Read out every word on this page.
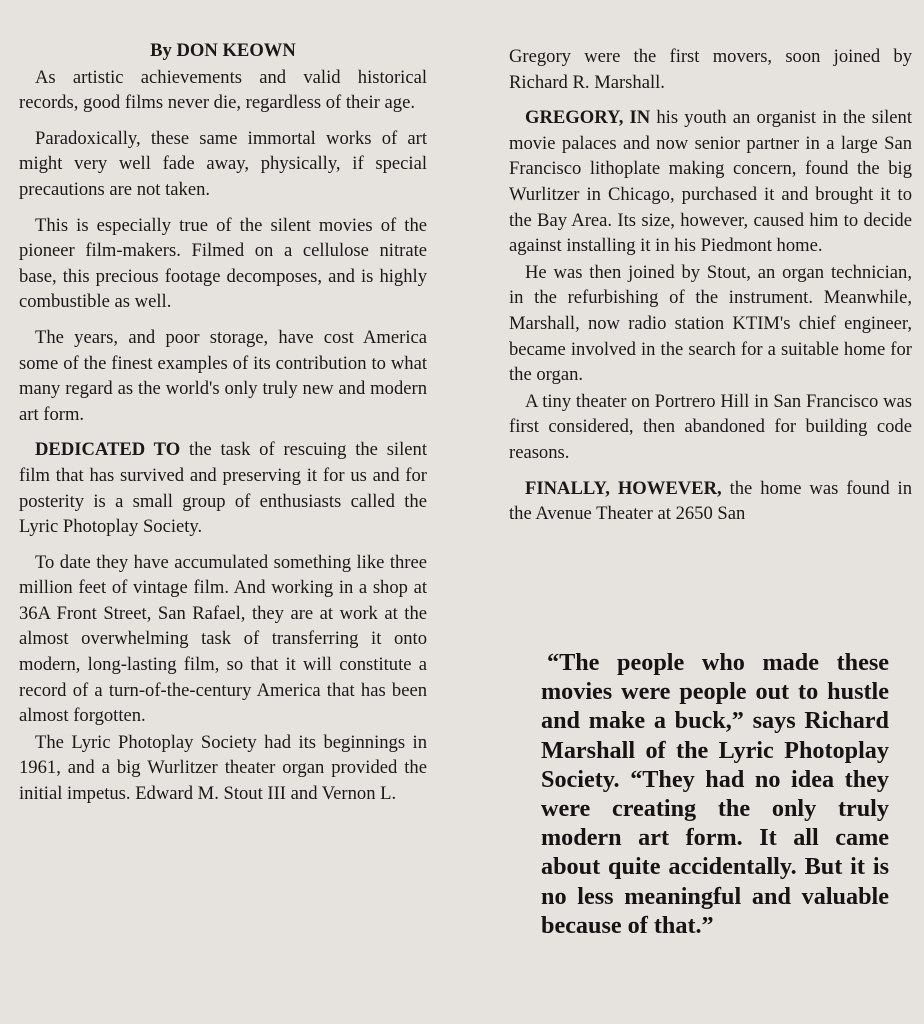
By DON KEOWN

As artistic achievements and valid historical records, good films never die, regardless of their age.

Paradoxically, these same immortal works of art might very well fade away, physically, if special precautions are not taken.

This is especially true of the silent movies of the pioneer film-makers. Filmed on a cellulose nitrate base, this precious footage decomposes, and is highly combustible as well.

The years, and poor storage, have cost America some of the finest examples of its contribution to what many regard as the world's only truly new and modern art form.

DEDICATED TO the task of rescuing the silent film that has survived and preserving it for us and for posterity is a small group of enthusiasts called the Lyric Photoplay Society.

To date they have accumulated something like three million feet of vintage film. And working in a shop at 36A Front Street, San Rafael, they are at work at the almost overwhelming task of transferring it onto modern, long-lasting film, so that it will constitute a record of a turn-of-the-century America that has been almost forgotten.

The Lyric Photoplay Society had its beginnings in 1961, and a big Wurlitzer theater organ provided the initial impetus. Edward M. Stout III and Vernon L.

Gregory were the first movers, soon joined by Richard R. Marshall.

GREGORY, IN his youth an organist in the silent movie palaces and now senior partner in a large San Francisco lithoplate making concern, found the big Wurlitzer in Chicago, purchased it and brought it to the Bay Area. Its size, however, caused him to decide against installing it in his Piedmont home.

He was then joined by Stout, an organ technician, in the refurbishing of the instrument. Meanwhile, Marshall, now radio station KTIM's chief engineer, became involved in the search for a suitable home for the organ.

A tiny theater on Portrero Hill in San Francisco was first considered, then abandoned for building code reasons.

FINALLY, HOWEVER, the home was found in the Avenue Theater at 2650 San

“The people who made these movies were people out to hustle and make a buck,” says Richard Marshall of the Lyric Photoplay Society. “They had no idea they were creating the only truly modern art form. It all came about quite accidentally. But it is no less meaningful and valuable because of that.”
